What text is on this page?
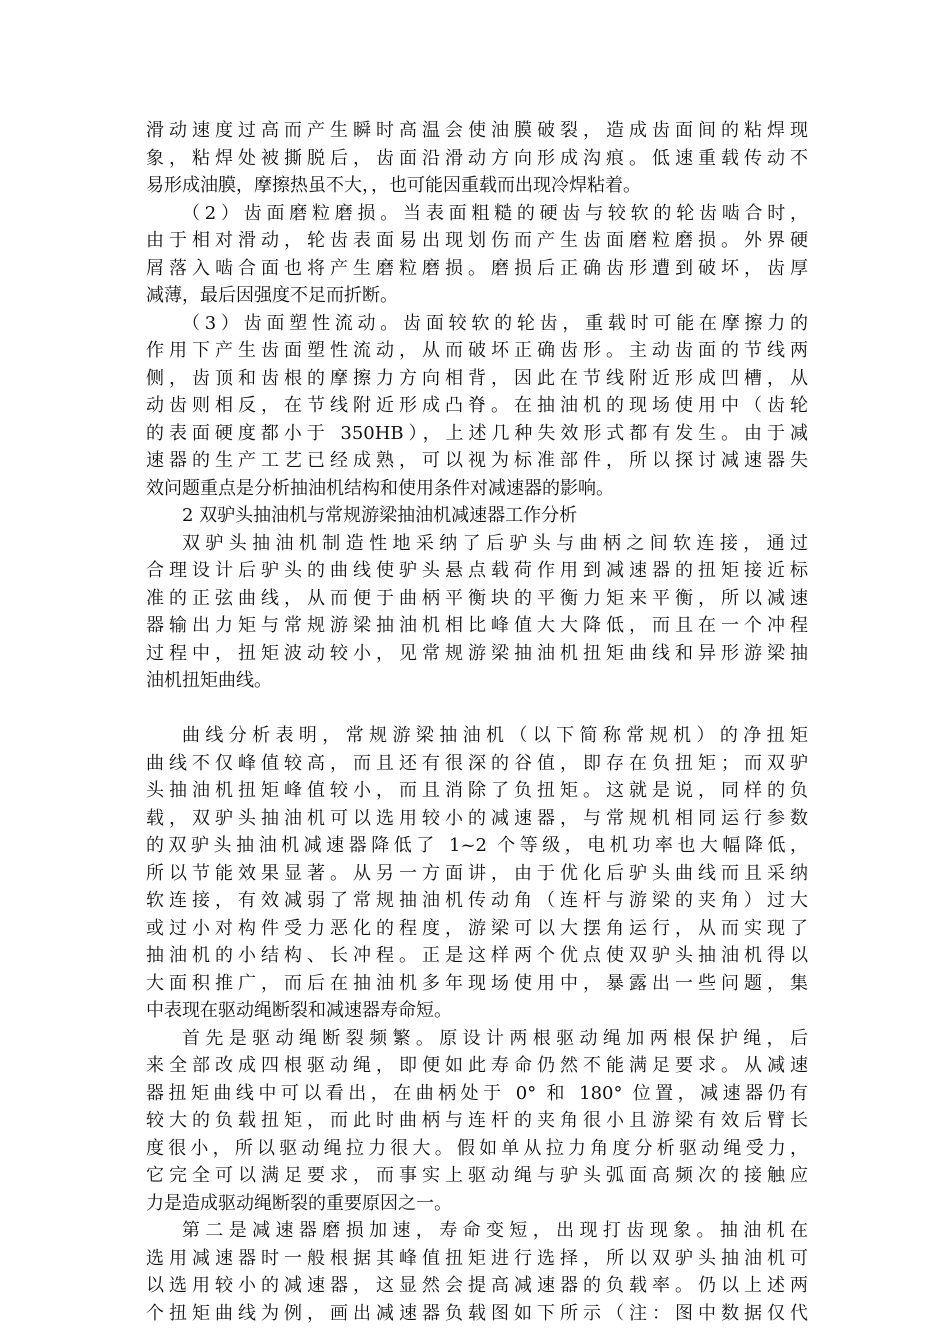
滑动速度过高而产生瞬时高温会使油膜破裂，造成齿面间的粘焊现
象，粘焊处被撕脱后，齿面沿滑动方向形成沟痕。低速重载传动不
易形成油膜，摩擦热虽不大，，也可能因重载而出现冷焊粘着。
（2）齿面磨粒磨损。当表面粗糙的硬齿与较软的轮齿啮合时，
由于相对滑动，轮齿表面易出现划伤而产生齿面磨粒磨损。外界硬
屑落入啮合面也将产生磨粒磨损。磨损后正确齿形遭到破坏，齿厚
减薄，最后因强度不足而折断。
（3）齿面塑性流动。齿面较软的轮齿，重载时可能在摩擦力的
作用下产生齿面塑性流动，从而破坏正确齿形。主动齿面的节线两
侧，齿顶和齿根的摩擦力方向相背，因此在节线附近形成凹槽，从
动齿则相反，在节线附近形成凸脊。在抽油机的现场使用中（齿轮
的表面硬度都小于 350HB），上述几种失效形式都有发生。由于减
速器的生产工艺已经成熟，可以视为标准部件，所以探讨减速器失
效问题重点是分析抽油机结构和使用条件对减速器的影响。
2 双驴头抽油机与常规游梁抽油机减速器工作分析
双驴头抽油机制造性地采纳了后驴头与曲柄之间软连接，通过
合理设计后驴头的曲线使驴头悬点载荷作用到减速器的扭矩接近标
准的正弦曲线，从而便于曲柄平衡块的平衡力矩来平衡，所以减速
器输出力矩与常规游梁抽油机相比峰值大大降低，而且在一个冲程
过程中，扭矩波动较小，见常规游梁抽油机扭矩曲线和异形游梁抽
油机扭矩曲线。
曲线分析表明，常规游梁抽油机（以下简称常规机）的净扭矩
曲线不仅峰值较高，而且还有很深的谷值，即存在负扭矩；而双驴
头抽油机扭矩峰值较小，而且消除了负扭矩。这就是说，同样的负
载，双驴头抽油机可以选用较小的减速器，与常规机相同运行参数
的双驴头抽油机减速器降低了 1~2 个等级，电机功率也大幅降低，
所以节能效果显著。从另一方面讲，由于优化后驴头曲线而且采纳
软连接，有效减弱了常规抽油机传动角（连杆与游梁的夹角）过大
或过小对构件受力恶化的程度，游梁可以大摆角运行，从而实现了
抽油机的小结构、长冲程。正是这样两个优点使双驴头抽油机得以
大面积推广，而后在抽油机多年现场使用中，暴露出一些问题，集
中表现在驱动绳断裂和减速器寿命短。
首先是驱动绳断裂频繁。原设计两根驱动绳加两根保护绳，后
来全部改成四根驱动绳，即便如此寿命仍然不能满足要求。从减速
器扭矩曲线中可以看出，在曲柄处于 0° 和 180° 位置，减速器仍有
较大的负载扭矩，而此时曲柄与连杆的夹角很小且游梁有效后臂长
度很小，所以驱动绳拉力很大。假如单从拉力角度分析驱动绳受力，
它完全可以满足要求，而事实上驱动绳与驴头弧面高频次的接触应
力是造成驱动绳断裂的重要原因之一。
第二是减速器磨损加速，寿命变短，出现打齿现象。抽油机在
选用减速器时一般根据其峰值扭矩进行选择，所以双驴头抽油机可
以选用较小的减速器，这显然会提高减速器的负载率。仍以上述两
个扭矩曲线为例，画出减速器负载图如下所示（注：图中数据仅代
